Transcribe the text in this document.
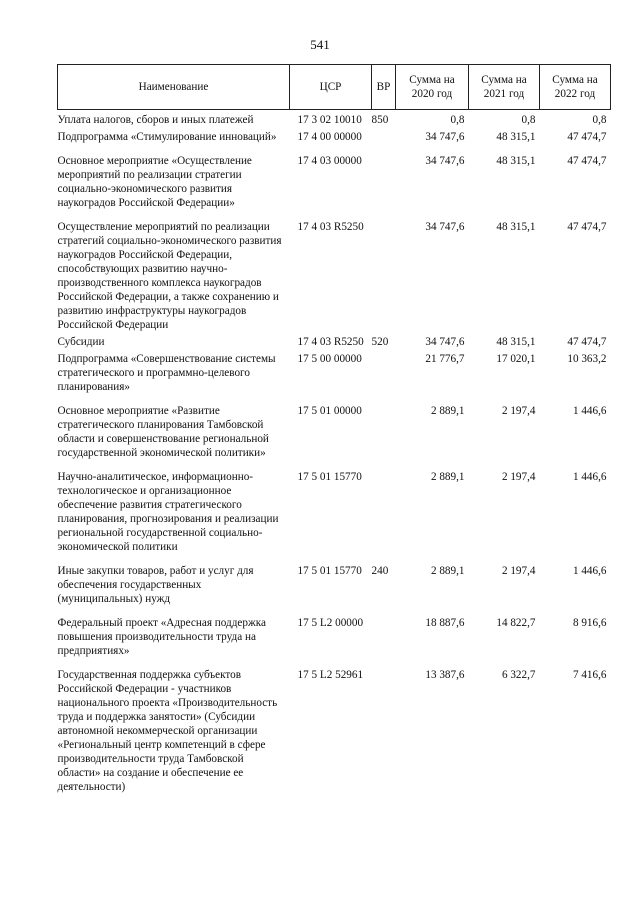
541
Наименование	ЦСР	ВР	Сумма на 2020 год	Сумма на 2021 год	Сумма на 2022 год
Уплата налогов, сборов и иных платежей	17 3 02 10010	850	0,8	0,8	0,8
Подпрограмма «Стимулирование инноваций»	17 4 00 00000		34 747,6	48 315,1	47 474,7
Основное мероприятие «Осуществление мероприятий по реализации стратегии социально-экономического развития наукоградов Российской Федерации»	17 4 03 00000		34 747,6	48 315,1	47 474,7
Осуществление мероприятий по реализации стратегий социально-экономического развития наукоградов Российской Федерации, способствующих развитию научно-производственного комплекса наукоградов Российской Федерации, а также сохранению и развитию инфраструктуры наукоградов Российской Федерации	17 4 03 R5250		34 747,6	48 315,1	47 474,7
Субсидии	17 4 03 R5250	520	34 747,6	48 315,1	47 474,7
Подпрограмма «Совершенствование системы стратегического и программно-целевого планирования»	17 5 00 00000		21 776,7	17 020,1	10 363,2
Основное мероприятие «Развитие стратегического планирования Тамбовской области и совершенствование региональной государственной экономической политики»	17 5 01 00000		2 889,1	2 197,4	1 446,6
Научно-аналитическое, информационно-технологическое и организационное обеспечение развития стратегического планирования, прогнозирования и реализации региональной государственной социально-экономической политики	17 5 01 15770		2 889,1	2 197,4	1 446,6
Иные закупки товаров, работ и услуг для обеспечения государственных (муниципальных) нужд	17 5 01 15770	240	2 889,1	2 197,4	1 446,6
Федеральный проект «Адресная поддержка повышения производительности труда на предприятиях»	17 5 L2 00000		18 887,6	14 822,7	8 916,6
Государственная поддержка субъектов Российской Федерации - участников национального проекта «Производительность труда и поддержка занятости» (Субсидии автономной некоммерческой организации «Региональный центр компетенций в сфере производительности труда Тамбовской области» на создание и обеспечение ее деятельности)	17 5 L2 52961		13 387,6	6 322,7	7 416,6
